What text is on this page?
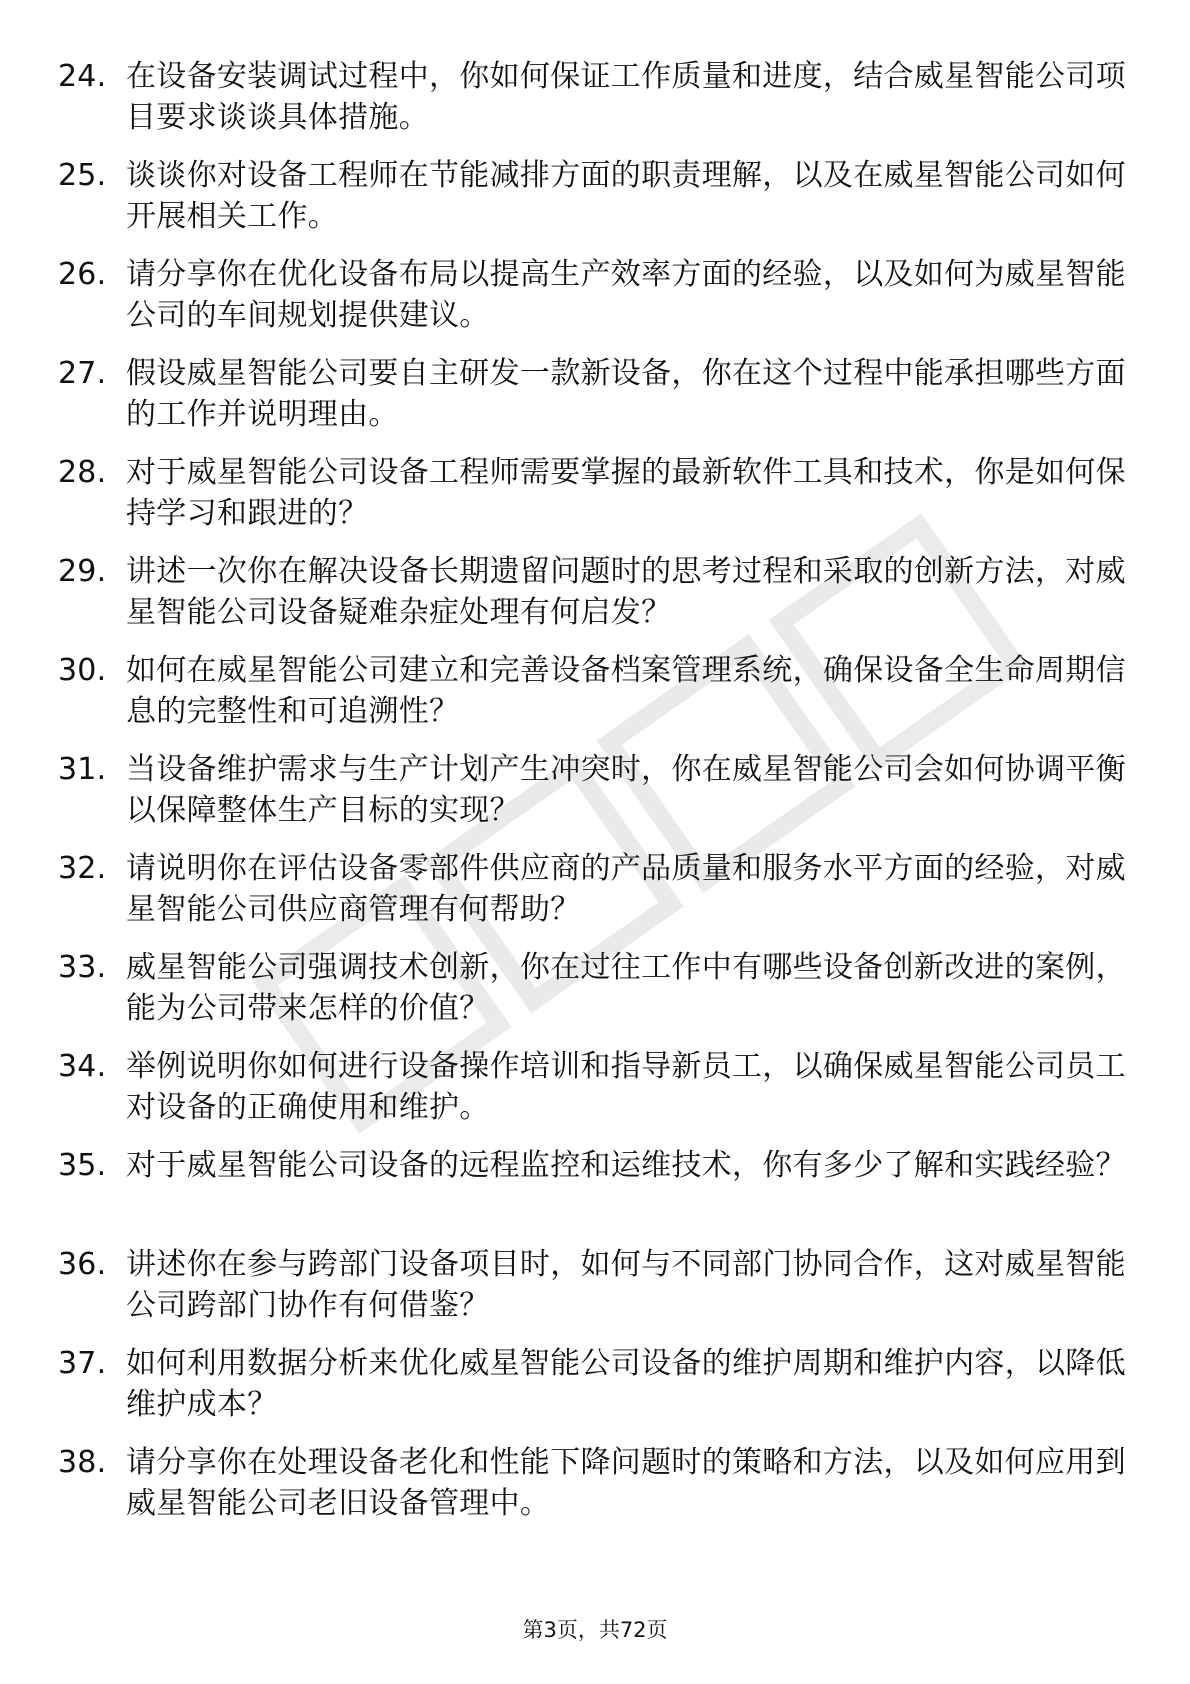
24. 在设备安装调试过程中，你如何保证工作质量和进度，结合威星智能公司项目要求谈谈具体措施。
25. 谈谈你对设备工程师在节能减排方面的职责理解，以及在威星智能公司如何开展相关工作。
26. 请分享你在优化设备布局以提高生产效率方面的经验，以及如何为威星智能公司的车间规划提供建议。
27. 假设威星智能公司要自主研发一款新设备，你在这个过程中能承担哪些方面的工作并说明理由。
28. 对于威星智能公司设备工程师需要掌握的最新软件工具和技术，你是如何保持学习和跟进的？
29. 讲述一次你在解决设备长期遗留问题时的思考过程和采取的创新方法，对威星智能公司设备疑难杂症处理有何启发？
30. 如何在威星智能公司建立和完善设备档案管理系统，确保设备全生命周期信息的完整性和可追溯性？
31. 当设备维护需求与生产计划产生冲突时，你在威星智能公司会如何协调平衡以保障整体生产目标的实现？
32. 请说明你在评估设备零部件供应商的产品质量和服务水平方面的经验，对威星智能公司供应商管理有何帮助？
33. 威星智能公司强调技术创新，你在过往工作中有哪些设备创新改进的案例，能为公司带来怎样的价值？
34. 举例说明你如何进行设备操作培训和指导新员工，以确保威星智能公司员工对设备的正确使用和维护。
35. 对于威星智能公司设备的远程监控和运维技术，你有多少了解和实践经验？
36. 讲述你在参与跨部门设备项目时，如何与不同部门协同合作，这对威星智能公司跨部门协作有何借鉴？
37. 如何利用数据分析来优化威星智能公司设备的维护周期和维护内容，以降低维护成本？
38. 请分享你在处理设备老化和性能下降问题时的策略和方法，以及如何应用到威星智能公司老旧设备管理中。
第3页，共72页
